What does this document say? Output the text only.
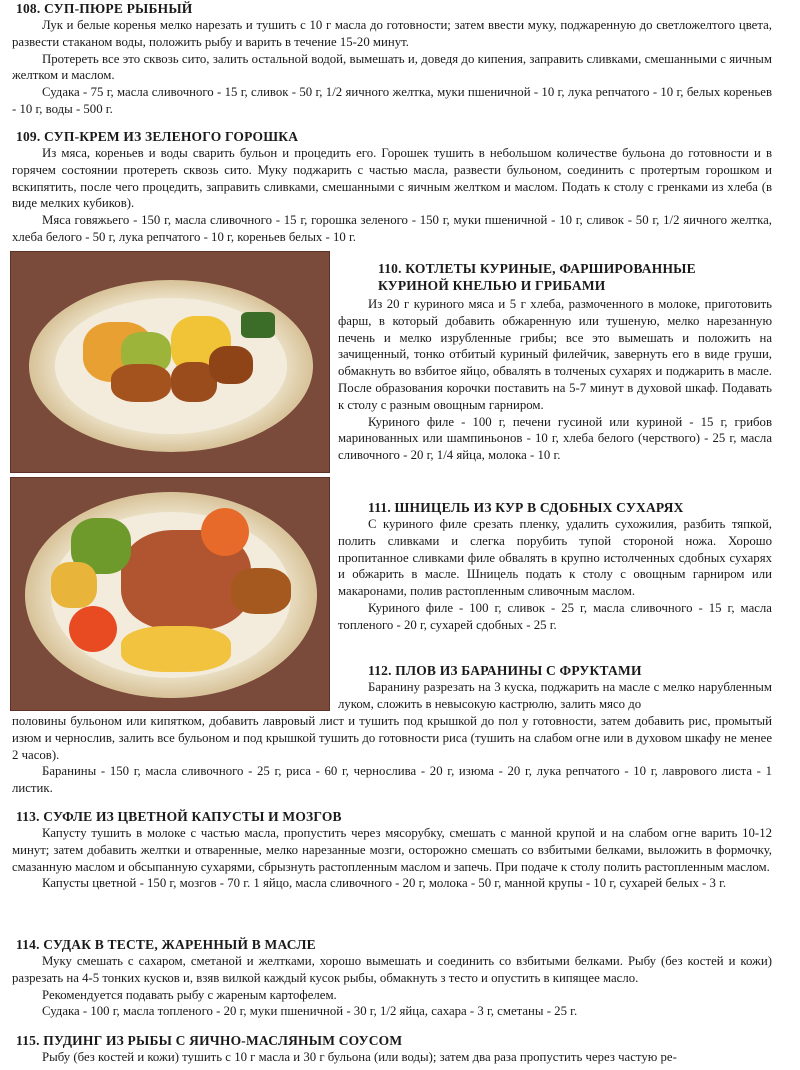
108. СУП-ПЮРЕ РЫБНЫЙ

Лук и белые коренья мелко нарезать и тушить с 10 г масла до готовности; затем ввести муку, поджаренную до светложелтого цвета, развести стаканом воды, положить рыбу и варить в течение 15-20 минут.

Протереть все это сквозь сито, залить остальной водой, вымешать и, доведя до кипения, заправить сливками, смешанными с яичным желтком и маслом.

Судака - 75 г, масла сливочного - 15 г, сливок - 50 г, 1/2 яичного желтка, муки пшеничной - 10 г, лука репчатого - 10 г, белых кореньев - 10 г, воды - 500 г.

109. СУП-КРЕМ ИЗ ЗЕЛЕНОГО ГОРОШКА

Из мяса, кореньев и воды сварить бульон и процедить его. Горошек тушить в небольшом количестве бульона до готовности и в горячем состоянии протереть сквозь сито. Муку поджарить с частью масла, развести бульоном, соединить с протертым горошком и вскипятить, после чего процедить, заправить сливками, смешанными с яичным желтком и маслом. Подать к столу с гренками из хлеба (в виде мелких кубиков).

Мяса говяжьего - 150 г, масла сливочного - 15 г, горошка зеленого - 150 г, муки пшеничной - 10 г, сливок - 50 г, 1/2 яичного желтка, хлеба белого - 50 г, лука репчатого - 10 г, кореньев белых - 10 г.

110. КОТЛЕТЫ КУРИНЫЕ, ФАРШИРОВАННЫЕ
КУРИНОЙ КНЕЛЬЮ И ГРИБАМИ

Из 20 г куриного мяса и 5 г хлеба, размоченного в молоке, приготовить фарш, в который добавить обжаренную или тушеную, мелко нарезанную печень и мелко изрубленные грибы; все это вымешать и положить на зачищенный, тонко отбитый куриный филейчик, завернуть его в виде груши, обмакнуть во взбитое яйцо, обвалять в толченых сухарях и поджарить в масле. После образования корочки поставить на 5-7 минут в духовой шкаф. Подавать к столу с разным овощным гарниром.

Куриного филе - 100 г, печени гусиной или куриной - 15 г, грибов маринованных или шампиньонов - 10 г, хлеба белого (черствого) - 25 г, масла сливочного - 20 г, 1/4 яйца, молока - 10 г.

111. ШНИЦЕЛЬ ИЗ КУР В СДОБНЫХ СУХАРЯХ

С куриного филе срезать пленку, удалить сухожилия, разбить тяпкой, полить сливками и слегка порубить тупой стороной ножа. Хорошо пропитанное сливками филе обвалять в крупно истолченных сдобных сухарях и обжарить в масле. Шницель подать к столу с овощным гарниром или макаронами, полив растопленным сливочным маслом.

Куриного филе - 100 г, сливок - 25 г, масла сливочного - 15 г, масла топленого - 20 г, сухарей сдобных - 25 г.

112. ПЛОВ ИЗ БАРАНИНЫ С ФРУКТАМИ

Баранину разрезать на 3 куска, поджарить на масле с мелко нарубленным луком, сложить в невысокую кастрюлю, залить мясо до

половины бульоном или кипятком, добавить лавровый лист и тушить под крышкой до пол у готовности, затем добавить рис, промытый изюм и чернослив, залить все бульоном и под крышкой тушить до готовности риса (тушить на слабом огне или в духовом шкафу не менее 2 часов).

Баранины - 150 г, масла сливочного - 25 г, риса - 60 г, чернослива - 20 г, изюма - 20 г, лука репчатого - 10 г, лаврового листа - 1 листик.

113. СУФЛЕ ИЗ ЦВЕТНОЙ КАПУСТЫ И МОЗГОВ

Капусту тушить в молоке с частью масла, пропустить через мясорубку, смешать с манной крупой и на слабом огне варить 10-12 минут; затем добавить желтки и отваренные, мелко нарезанные мозги, осторожно смешать со взбитыми белками, выложить в формочку, смазанную маслом и обсыпанную сухарями, сбрызнуть растопленным маслом и запечь. При подаче к столу полить растопленным маслом.

Капусты цветной - 150 г, мозгов - 70 г. 1 яйцо, масла сливочного - 20 г, молока - 50 г, манной крупы - 10 г, сухарей белых - 3 г.

114. СУДАК В ТЕСТЕ, ЖАРЕННЫЙ В МАСЛЕ

Муку смешать с сахаром, сметаной и желтками, хорошо вымешать и соединить со взбитыми белками. Рыбу (без костей и кожи) разрезать на 4-5 тонких кусков и, взяв вилкой каждый кусок рыбы, обмакнуть з тесто и опустить в кипящее масло.

Рекомендуется подавать рыбу с жареным картофелем.

Судака - 100 г, масла топленого - 20 г, муки пшеничной - 30 г, 1/2 яйца, сахара - 3 г, сметаны - 25 г.

115. ПУДИНГ ИЗ РЫБЫ С ЯИЧНО-МАСЛЯНЫМ СОУСОМ

Рыбу (без костей и кожи) тушить с 10 г масла и 30 г бульона (или воды); затем два раза пропустить через частую ре-
